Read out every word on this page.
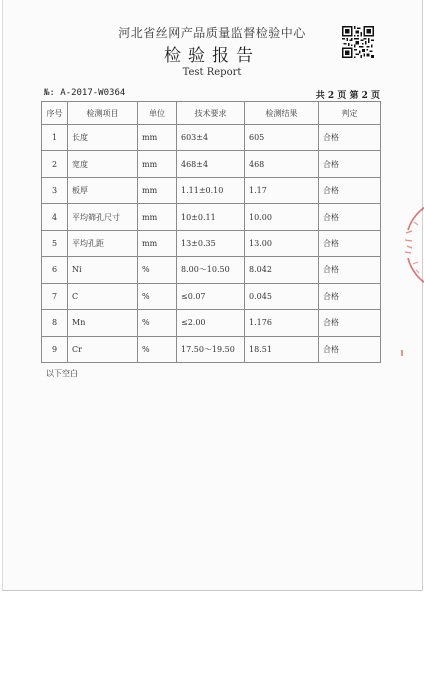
河北省丝网产品质量监督检验中心
检验报告
Test Report
№: A-2017-W0364	共 2 页 第 2 页
序号	检测项目	单位	技术要求	检测结果	判定
1	长度	mm	603±4	605	合格
2	宽度	mm	468±4	468	合格
3	板厚	mm	1.11±0.10	1.17	合格
4	平均筛孔尺寸	mm	10±0.11	10.00	合格
5	平均孔距	mm	13±0.35	13.00	合格
6	Ni	%	8.00～10.50	8.042	合格
7	C	%	≤0.07	0.045	合格
8	Mn	%	≤2.00	1.176	合格
9	Cr	%	17.50～19.50	18.51	合格
以下空白
